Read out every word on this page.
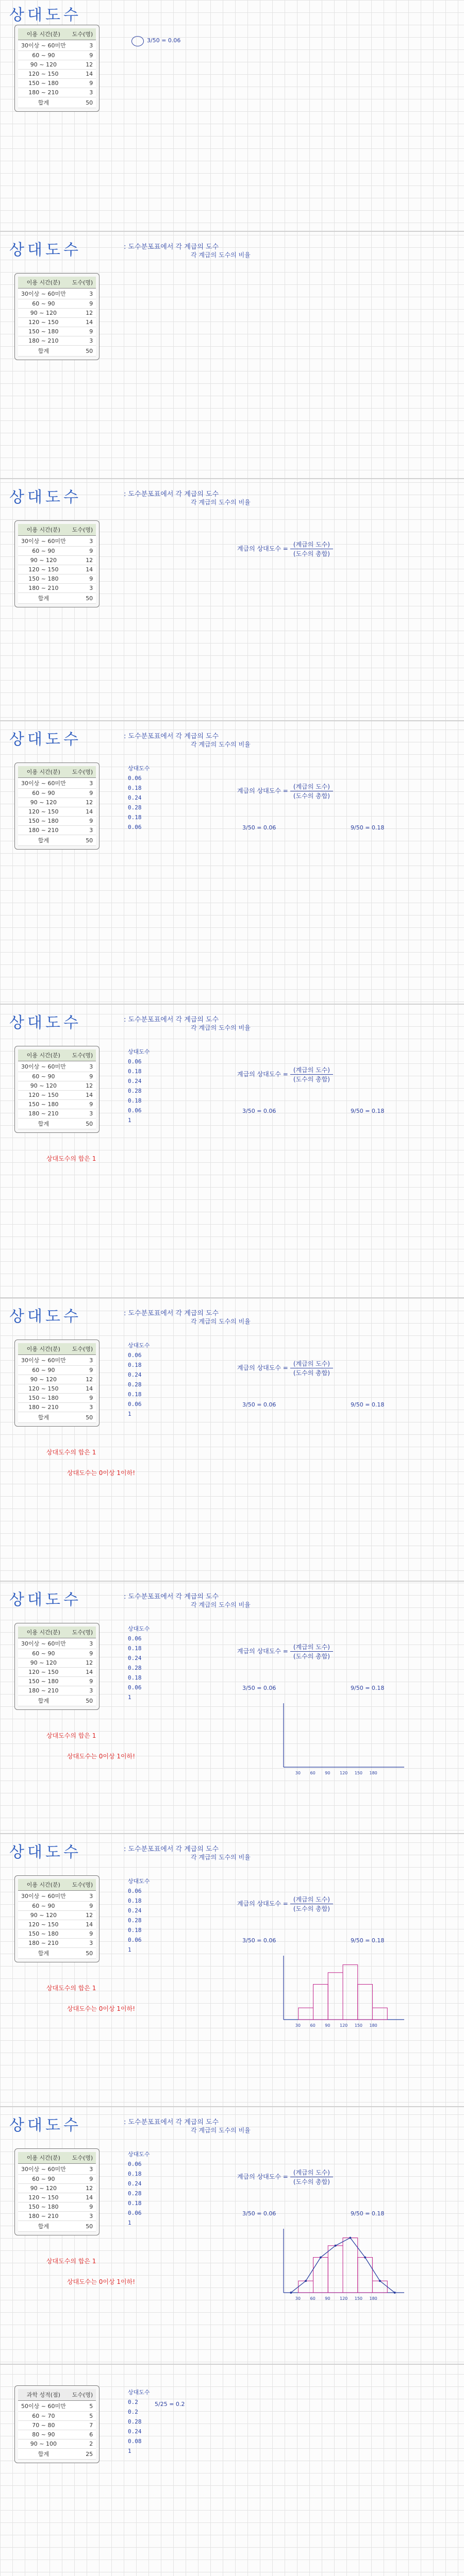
상대도수
이용 시간(분)	도수(명)
30이상 ~ 60미만	3
60 ~ 90	9
90 ~ 120	12
120 ~ 150	14
150 ~ 180	9
180 ~ 210	3
합계	50
3/50 = 0.06
상대도수	: 도수분포표에서 각 계급의 도수
각 계급의 도수의 비율
이용 시간(분)	도수(명)
30이상 ~ 60미만	3
60 ~ 90	9
90 ~ 120	12
120 ~ 150	14
150 ~ 180	9
180 ~ 210	3
합계	50
상대도수	: 도수분포표에서 각 계급의 도수
각 계급의 도수의 비율
이용 시간(분)	도수(명)
30이상 ~ 60미만	3
60 ~ 90	9
90 ~ 120	12
120 ~ 150	14
150 ~ 180	9
180 ~ 210	3
합계	50
계급의 상대도수 = $\frac{\text{(계급의 도수)}}{\text{(도수의 총합)}}$
상대도수	: 도수분포표에서 각 계급의 도수
각 계급의 도수의 비율
이용 시간(분)	도수(명)
30이상 ~ 60미만	3
60 ~ 90	9
90 ~ 120	12
120 ~ 150	14
150 ~ 180	9
180 ~ 210	3
합계	50
계급의 상대도수 = $\frac{\text{(계급의 도수)}}{\text{(도수의 총합)}}$
상대도수
0.06
0.18
0.24
0.28
0.18
0.06	3/50 = 0.06	9/50 = 0.18
상대도수	: 도수분포표에서 각 계급의 도수
각 계급의 도수의 비율
이용 시간(분)	도수(명)
30이상 ~ 60미만	3
60 ~ 90	9
90 ~ 120	12
120 ~ 150	14
150 ~ 180	9
180 ~ 210	3
합계	50
계급의 상대도수 = $\frac{\text{(계급의 도수)}}{\text{(도수의 총합)}}$
상대도수
0.06
0.18
0.24
0.28
0.18
0.06
1
3/50 = 0.06	9/50 = 0.18
상대도수의 합은 1
상대도수	: 도수분포표에서 각 계급의 도수
각 계급의 도수의 비율
이용 시간(분)	도수(명)
30이상 ~ 60미만	3
60 ~ 90	9
90 ~ 120	12
120 ~ 150	14
150 ~ 180	9
180 ~ 210	3
합계	50
계급의 상대도수 = $\frac{\text{(계급의 도수)}}{\text{(도수의 총합)}}$
상대도수
0.06
0.18
0.24
0.28
0.18
0.06
1
3/50 = 0.06	9/50 = 0.18
상대도수의 합은 1
상대도수는 0이상 1이하!
상대도수	: 도수분포표에서 각 계급의 도수
각 계급의 도수의 비율
이용 시간(분)	도수(명)
30이상 ~ 60미만	3
60 ~ 90	9
90 ~ 120	12
120 ~ 150	14
150 ~ 180	9
180 ~ 210	3
합계	50
계급의 상대도수 = $\frac{\text{(계급의 도수)}}{\text{(도수의 총합)}}$
상대도수
0.06
0.18
0.24
0.28
0.18
0.06
1
3/50 = 0.06	9/50 = 0.18
상대도수의 합은 1
상대도수는 0이상 1이하!
30 60 90 120 150 180
상대도수	: 도수분포표에서 각 계급의 도수
각 계급의 도수의 비율
이용 시간(분)	도수(명)
30이상 ~ 60미만	3
60 ~ 90	9
90 ~ 120	12
120 ~ 150	14
150 ~ 180	9
180 ~ 210	3
합계	50
계급의 상대도수 = $\frac{\text{(계급의 도수)}}{\text{(도수의 총합)}}$
상대도수
0.06
0.18
0.24
0.28
0.18
0.06
1
3/50 = 0.06	9/50 = 0.18
상대도수의 합은 1
상대도수는 0이상 1이하!
30 60 90 120 150 180
상대도수	: 도수분포표에서 각 계급의 도수
각 계급의 도수의 비율
이용 시간(분)	도수(명)
30이상 ~ 60미만	3
60 ~ 90	9
90 ~ 120	12
120 ~ 150	14
150 ~ 180	9
180 ~ 210	3
합계	50
계급의 상대도수 = $\frac{\text{(계급의 도수)}}{\text{(도수의 총합)}}$
상대도수
0.06
0.18
0.24
0.28
0.18
0.06
1
3/50 = 0.06	9/50 = 0.18
상대도수의 합은 1
상대도수는 0이상 1이하!
30 60 90 120 150 180
과학 성적(점)	도수(명)
50이상 ~ 60미만	5
60 ~ 70	5
70 ~ 80	7
80 ~ 90	6
90 ~ 100	2
합계	25
상대도수
0.2
0.2
0.28
0.24
0.08
1
5/25 = 0.2
